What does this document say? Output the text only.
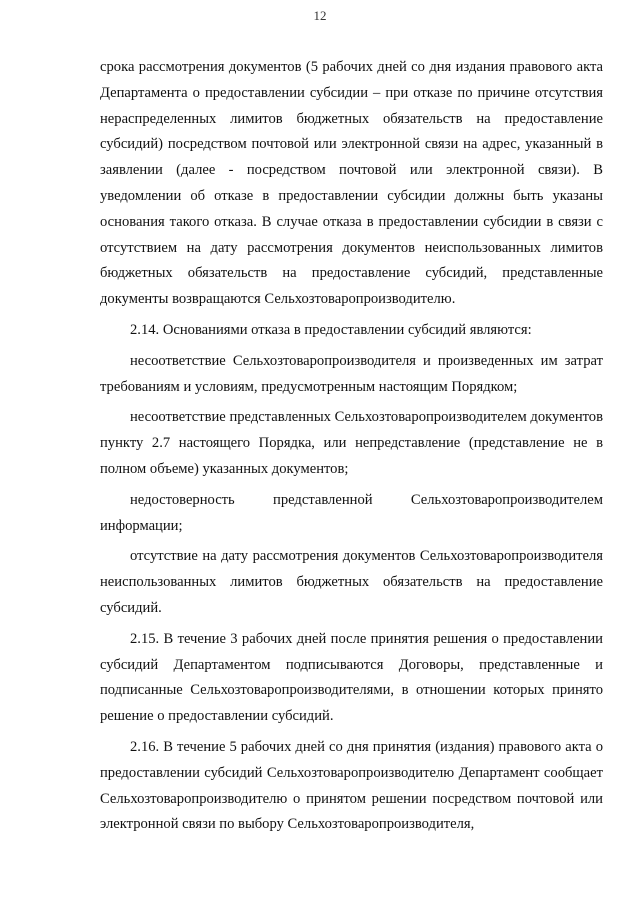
12

срока рассмотрения документов (5 рабочих дней со дня издания правового акта Департамента о предоставлении субсидии – при отказе по причине отсутствия нераспределенных лимитов бюджетных обязательств на предоставление субсидий) посредством почтовой или электронной связи на адрес, указанный в заявлении (далее - посредством почтовой или электронной связи). В уведомлении об отказе в предоставлении субсидии должны быть указаны основания такого отказа. В случае отказа в предоставлении субсидии в связи с отсутствием на дату рассмотрения документов неиспользованных лимитов бюджетных обязательств на предоставление субсидий, представленные документы возвращаются Сельхозтоваропроизводителю.

2.14. Основаниями отказа в предоставлении субсидий являются:

несоответствие Сельхозтоваропроизводителя и произведенных им затрат требованиям и условиям, предусмотренным настоящим Порядком;

несоответствие представленных Сельхозтоваропроизводителем документов пункту 2.7 настоящего Порядка, или непредставление (представление не в полном объеме) указанных документов;

недостоверность представленной Сельхозтоваропроизводителем информации;

отсутствие на дату рассмотрения документов Сельхозтоваропроизводителя неиспользованных лимитов бюджетных обязательств на предоставление субсидий.

2.15. В течение 3 рабочих дней после принятия решения о предоставлении субсидий Департаментом подписываются Договоры, представленные и подписанные Сельхозтоваропроизводителями, в отношении которых принято решение о предоставлении субсидий.

2.16. В течение 5 рабочих дней со дня принятия (издания) правового акта о предоставлении субсидий Сельхозтоваропроизводителю Департамент сообщает Сельхозтоваропроизводителю о принятом решении посредством почтовой или электронной связи по выбору Сельхозтоваропроизводителя,
